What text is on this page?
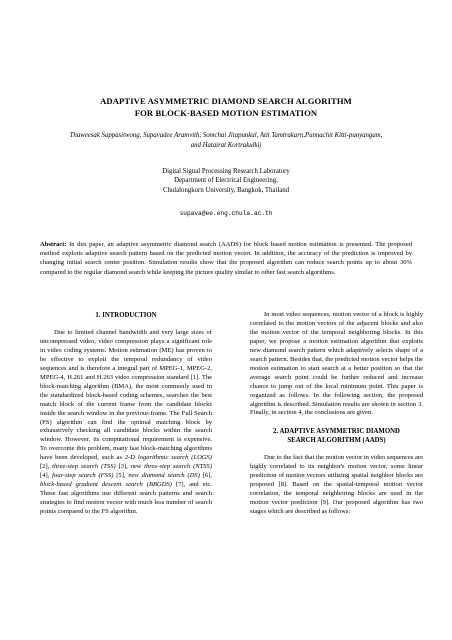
ADAPTIVE ASYMMETRIC DIAMOND SEARCH ALGORITHM
FOR BLOCK-BASED MOTION ESTIMATION
Thaweesak Sappasitwong, Supavadee Aramvith, Somchai Jitapunkul, Atit Tamtrakarn,Punnachit Kitti-punyangam,
and Hatairat Kortrakulkij
Digital Signal Processing Research Laboratory
Department of Electrical Engineering,
Chulalongkorn University, Bangkok, Thailand
supava@ee.eng.chula.ac.th
Abstract: In this paper, an adaptive asymmetric diamond search (AADS) for block based motion estimation is presented. The proposed method exploits adaptive search pattern based on the predicted motion vector. In addition, the accuracy of the prediction is improved by changing initial search center position. Simulation results show that the proposed algorithm can reduce search points up to about 30% compared to the regular diamond search while keeping the picture quality similar to other fast search algorithms.
1. INTRODUCTION

Due to limited channel bandwidth and very large sizes of uncompressed video, video compression plays a significant role in video coding systems. Motion estimation (ME) has proven to be effective to exploit the temporal redundancy of video sequences and is therefore a integral part of MPEG-1, MPEG-2, MPEG-4, H.261 and H.263 video compression standard [1]. The block-matching algorithm (BMA), the most commonly used in the standardized block-based coding schemes, searches the best match block of the current frame from the candidate blocks inside the search window in the previous frame. The Full Search (FS) algorithm can find the optimal matching block by exhaustively checking all candidate blocks within the search window. However, its computational requirement is expensive. To overcome this problem, many fast block-matching algorithms have been developed, such as 2-D logarithmic search (LOGS) [2], three-step search (TSS) [3], new three-step search (NTSS) [4], four-step search (FSS) [5], new diamond search (DS) [6], block-based gradient descent search (BBGDS) [7], and etc. These fast algorithms use different search patterns and search strategies to find motion vector with much less number of search points compared to the FS algorithm.

In most video sequences, motion vector of a block is highly correlated to the motion vectors of the adjacent blocks and also the motion vector of the temporal neighboring blocks. In this paper, we propose a motion estimation algorithm that exploits new diamond search pattern which adaptively selects shape of a search pattern. Besides that, the predicted motion vector helps the motion estimation to start search at a better position so that the average search point could be further reduced and increase chance to jump out of the local minimum point. This paper is organized as follows. In the following section, the proposed algorithm is described. Simulation results are shown in section 3. Finally, in section 4, the conclusions are given.

2. ADAPTIVE ASYMMETRIC DIAMOND
SEARCH ALGORITHM (AADS)

Due to the fact that the motion vector in video sequences are highly correlated to its neighbor's motion vector, some linear prediction of motion vectors utilizing spatial neighbor blocks are proposed [8]. Based on the spatial-temporal motion vector correlation, the temporal neighboring blocks are used in the motion vector prediction [9]. Our proposed algorithm has two stages which are described as follows:
